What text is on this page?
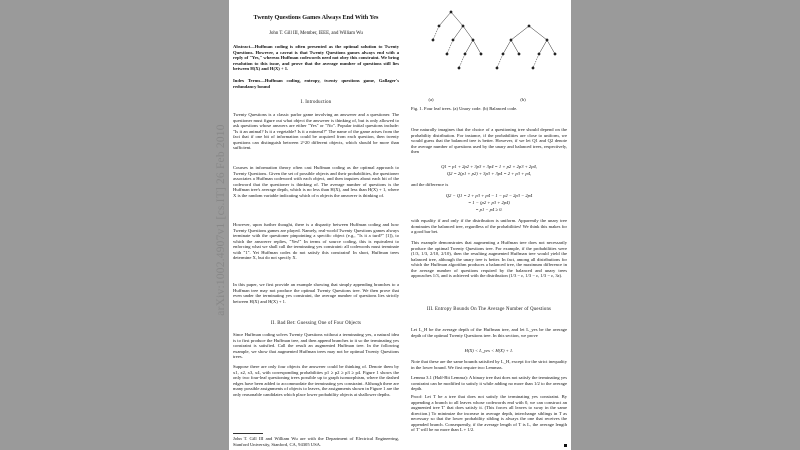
arXiv:1002.4907v1 [cs.IT] 26 Feb 2010
Twenty Questions Games Always End With Yes
John T. Gill III, Member, IEEE, and William Wu
Abstract—Huffman coding is often presented as the optimal solution to Twenty Questions. However, a caveat is that Twenty Questions games always end with a reply of "Yes," whereas Huffman codewords need not obey this constraint. We bring resolution to this issue, and prove that the average number of questions still lies between H(X) and H(X) + 1.
Index Terms—Huffman coding, entropy, twenty questions game, Gallager's redundancy bound
I. Introduction
Twenty Questions is a classic parlor game involving an answerer and a questioner. The questioner must figure out what object the answerer is thinking of, but is only allowed to ask questions whose answers are either "Yes" or "No". Popular initial questions include: "Is it an animal? Is it a vegetable? Is it a mineral?" The name of the game arises from the fact that if one bit of information could be acquired from each question, then twenty questions can distinguish between 2^20 different objects, which should be more than sufficient.
Courses in information theory often cast Huffman coding as the optimal approach to Twenty Questions. Given the set of possible objects and their probabilities, the questioner associates a Huffman codeword with each object, and then inquires about each bit of the codeword that the questioner is thinking of. The average number of questions is the Huffman tree's average depth, which is no less than H(X), and less than H(X) + 1, where X is the random variable indicating which of n objects the answerer is thinking of.
However, upon further thought, there is a disparity between Huffman coding and how Twenty Questions games are played. Namely, real-world Twenty Questions games always terminate with the questioner pinpointing a specific object (e.g., "Is it a turd?" [1]), to which the answerer replies, "Yes!" In terms of source coding, this is equivalent to enforcing what we shall call the terminating yes constraint: all codewords must terminate with "1". Yet Huffman codes do not satisfy this constraint! In short, Huffman trees determine X, but do not specify X.
In this paper, we first provide an example showing that simply appending branches to a Huffman tree may not produce the optimal Twenty Questions tree. We then prove that even under the terminating yes constraint, the average number of questions lies strictly between H(X) and H(X) + 1.
II. Bad Bet: Guessing One of Four Objects
Since Huffman coding solves Twenty Questions without a terminating yes, a natural idea is to first produce the Huffman tree, and then append branches to it so the terminating yes constraint is satisfied. Call the result an augmented Huffman tree. In the following example, we show that augmented Huffman trees may not be optimal Twenty Questions trees.
Suppose there are only four objects the answerer could be thinking of. Denote them by x1, x2, x3, x4, with corresponding probabilities p1 ≥ p2 ≥ p3 ≥ p4. Figure 1 shows the only two four-leaf questioning trees possible up to graph isomorphism, where the dashed edges have been added to accommodate the terminating yes constraint. Although there are many possible assignments of objects to leaves, the assignments shown in Figure 1 are the only reasonable candidates which place lower probability objects at shallower depths.
John T. Gill III and William Wu are with the Department of Electrical Engineering, Stanford University, Stanford, CA, 94305 USA.
(a)	(b)
Fig. 1. Four leaf trees. (a) Unary code. (b) Balanced code.
One naturally imagines that the choice of a questioning tree should depend on the probability distribution. For instance, if the probabilities are close to uniform, we would guess that the balanced tree is better. However, if we let Q1 and Q2 denote the average number of questions used by the unary and balanced trees, respectively, then
Q1 = p1 + 2p2 + 3p3 + 3p4 = 1 + p2 + 2p3 + 2p4,
Q2 = 2(p1 + p2) + 3p3 + 3p4 = 2 + p3 + p4,
and the difference is
Q2 − Q1 = 2 + p3 + p4 − 1 − p2 − 2p3 − 2p4
= 1 − (p2 + p3 + 2p4)
= p1 − p4 ≥ 0.
with equality if and only if the distribution is uniform. Apparently the unary tree dominates the balanced tree, regardless of the probabilities! We think this makes for a good bar bet.
This example demonstrates that augmenting a Huffman tree does not necessarily produce the optimal Twenty Questions tree. For example, if the probabilities were (1/3, 1/3, 2/10, 2/10), then the resulting augmented Huffman tree would yield the balanced tree, although the unary tree is better. In fact, among all distributions for which the Huffman algorithm produces a balanced tree, the maximum difference in the average number of questions required by the balanced and unary trees approaches 1/3, and is achieved with the distribution (1/3 − ε, 1/3 − ε, 1/3 − ε, 3ε).
III. Entropy Bounds On The Average Number of Questions
Let L_H be the average depth of the Huffman tree, and let L_yes be the average depth of the optimal Twenty Questions tree. In this section, we prove
H(X) < L_yes < H(X) + 1.
Note that these are the same bounds satisfied by L_H, except for the strict inequality in the lower bound. We first require two Lemmas.
Lemma 3.1 (Half-Bit Lemma): A binary tree that does not satisfy the terminating yes constraint can be modified to satisfy it while adding no more than 1/2 to the average depth.
Proof: Let T be a tree that does not satisfy the terminating yes constraint. By appending a branch to all leaves whose codewords end with 0, we can construct an augmented tree T' that does satisfy it. (This forces all leaves to sway in the same direction.) To minimize the increase in average depth, interchange siblings in T as necessary so that the lower probability sibling is always the one that receives the appended branch. Consequently, if the average length of T is L, the average length of T' will be no more than L + 1/2.
